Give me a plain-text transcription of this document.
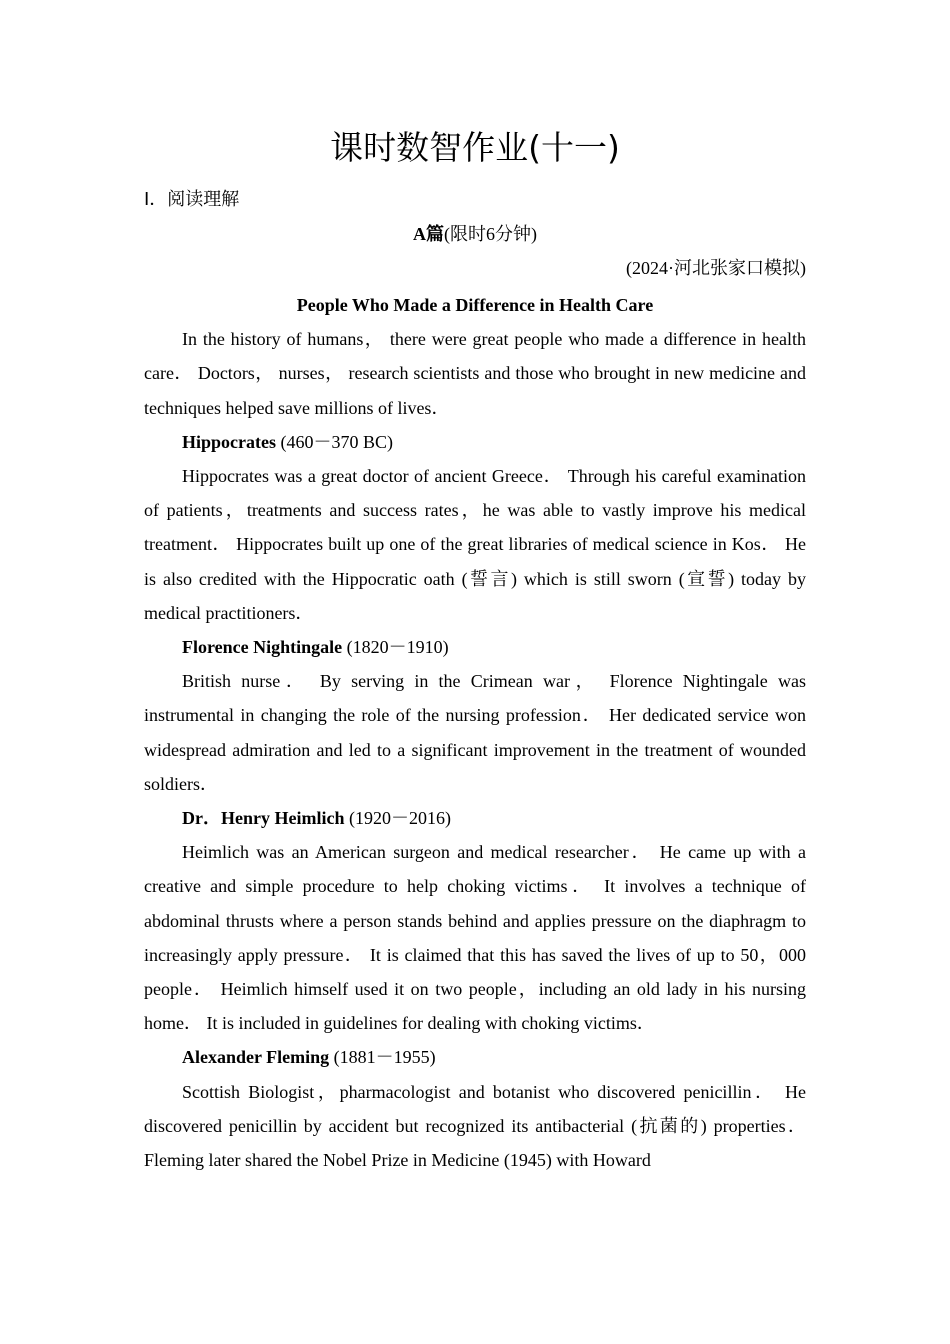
课时数智作业(十一)
Ⅰ．阅读理解
A篇(限时6分钟)
(2024·河北张家口模拟)
People Who Made a Difference in Health Care

In the history of humans， there were great people who made a difference in health care． Doctors， nurses， research scientists and those who brought in new medicine and techniques helped save millions of lives．

Hippocrates (460－370 BC)

Hippocrates was a great doctor of ancient Greece． Through his careful examination of patients，treatments and success rates，he was able to vastly improve his medical treatment． Hippocrates built up one of the great libraries of medical science in Kos． He is also credited with the Hippocratic oath (誓言) which is still sworn (宣誓) today by medical practitioners．

Florence Nightingale (1820－1910)

British nurse． By serving in the Crimean war， Florence Nightingale was instrumental in changing the role of the nursing profession． Her dedicated service won widespread admiration and led to a significant improvement in the treatment of wounded soldiers．

Dr．Henry Heimlich (1920－2016)

Heimlich was an American surgeon and medical researcher． He came up with a creative and simple procedure to help choking victims． It involves a technique of abdominal thrusts where a person stands behind and applies pressure on the diaphragm to increasingly apply pressure． It is claimed that this has saved the lives of up to 50，000 people． Heimlich himself used it on two people，including an old lady in his nursing home． It is included in guidelines for dealing with choking victims．

Alexander Fleming (1881－1955)

Scottish Biologist，pharmacologist and botanist who discovered penicillin． He discovered penicillin by accident but recognized its antibacterial (抗菌的) properties． Fleming later shared the Nobel Prize in Medicine (1945) with Howard
